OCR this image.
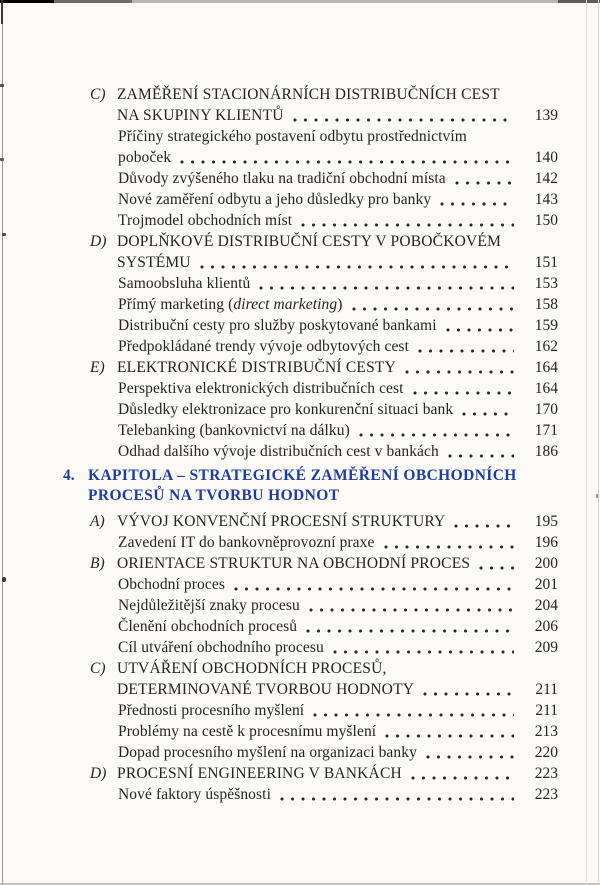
C) ZAMĚŘENÍ STACIONÁRNÍCH DISTRIBUČNÍCH CEST
NA SKUPINY KLIENTŮ	139
Příčiny strategického postavení odbytu prostřednictvím
poboček	140
Důvody zvýšeného tlaku na tradiční obchodní místa	142
Nové zaměření odbytu a jeho důsledky pro banky	143
Trojmodel obchodních míst	150
D) DOPLŇKOVÉ DISTRIBUČNÍ CESTY V POBOČKOVÉM
SYSTÉMU	151
Samoobsluha klientů	153
Přímý marketing (direct marketing)	158
Distribuční cesty pro služby poskytované bankami	159
Předpokládané trendy vývoje odbytových cest	162
E) ELEKTRONICKÉ DISTRIBUČNÍ CESTY	164
Perspektiva elektronických distribučních cest	164
Důsledky elektronizace pro konkurenční situaci bank	170
Telebanking (bankovnictví na dálku)	171
Odhad dalšího vývoje distribučních cest v bankách	186
4. KAPITOLA – STRATEGICKÉ ZAMĚŘENÍ OBCHODNÍCH
PROCESŮ NA TVORBU HODNOT
A) VÝVOJ KONVENČNÍ PROCESNÍ STRUKTURY	195
Zavedení IT do bankovněprovozní praxe	196
B) ORIENTACE STRUKTUR NA OBCHODNÍ PROCES	200
Obchodní proces	201
Nejdůležitější znaky procesu	204
Členění obchodních procesů	206
Cíl utváření obchodního procesu	209
C) UTVÁŘENÍ OBCHODNÍCH PROCESŮ,
DETERMINOVANÉ TVORBOU HODNOTY	211
Přednosti procesního myšlení	211
Problémy na cestě k procesnímu myšlení	213
Dopad procesního myšlení na organizaci banky	220
D) PROCESNÍ ENGINEERING V BANKÁCH	223
Nové faktory úspěšnosti	223
